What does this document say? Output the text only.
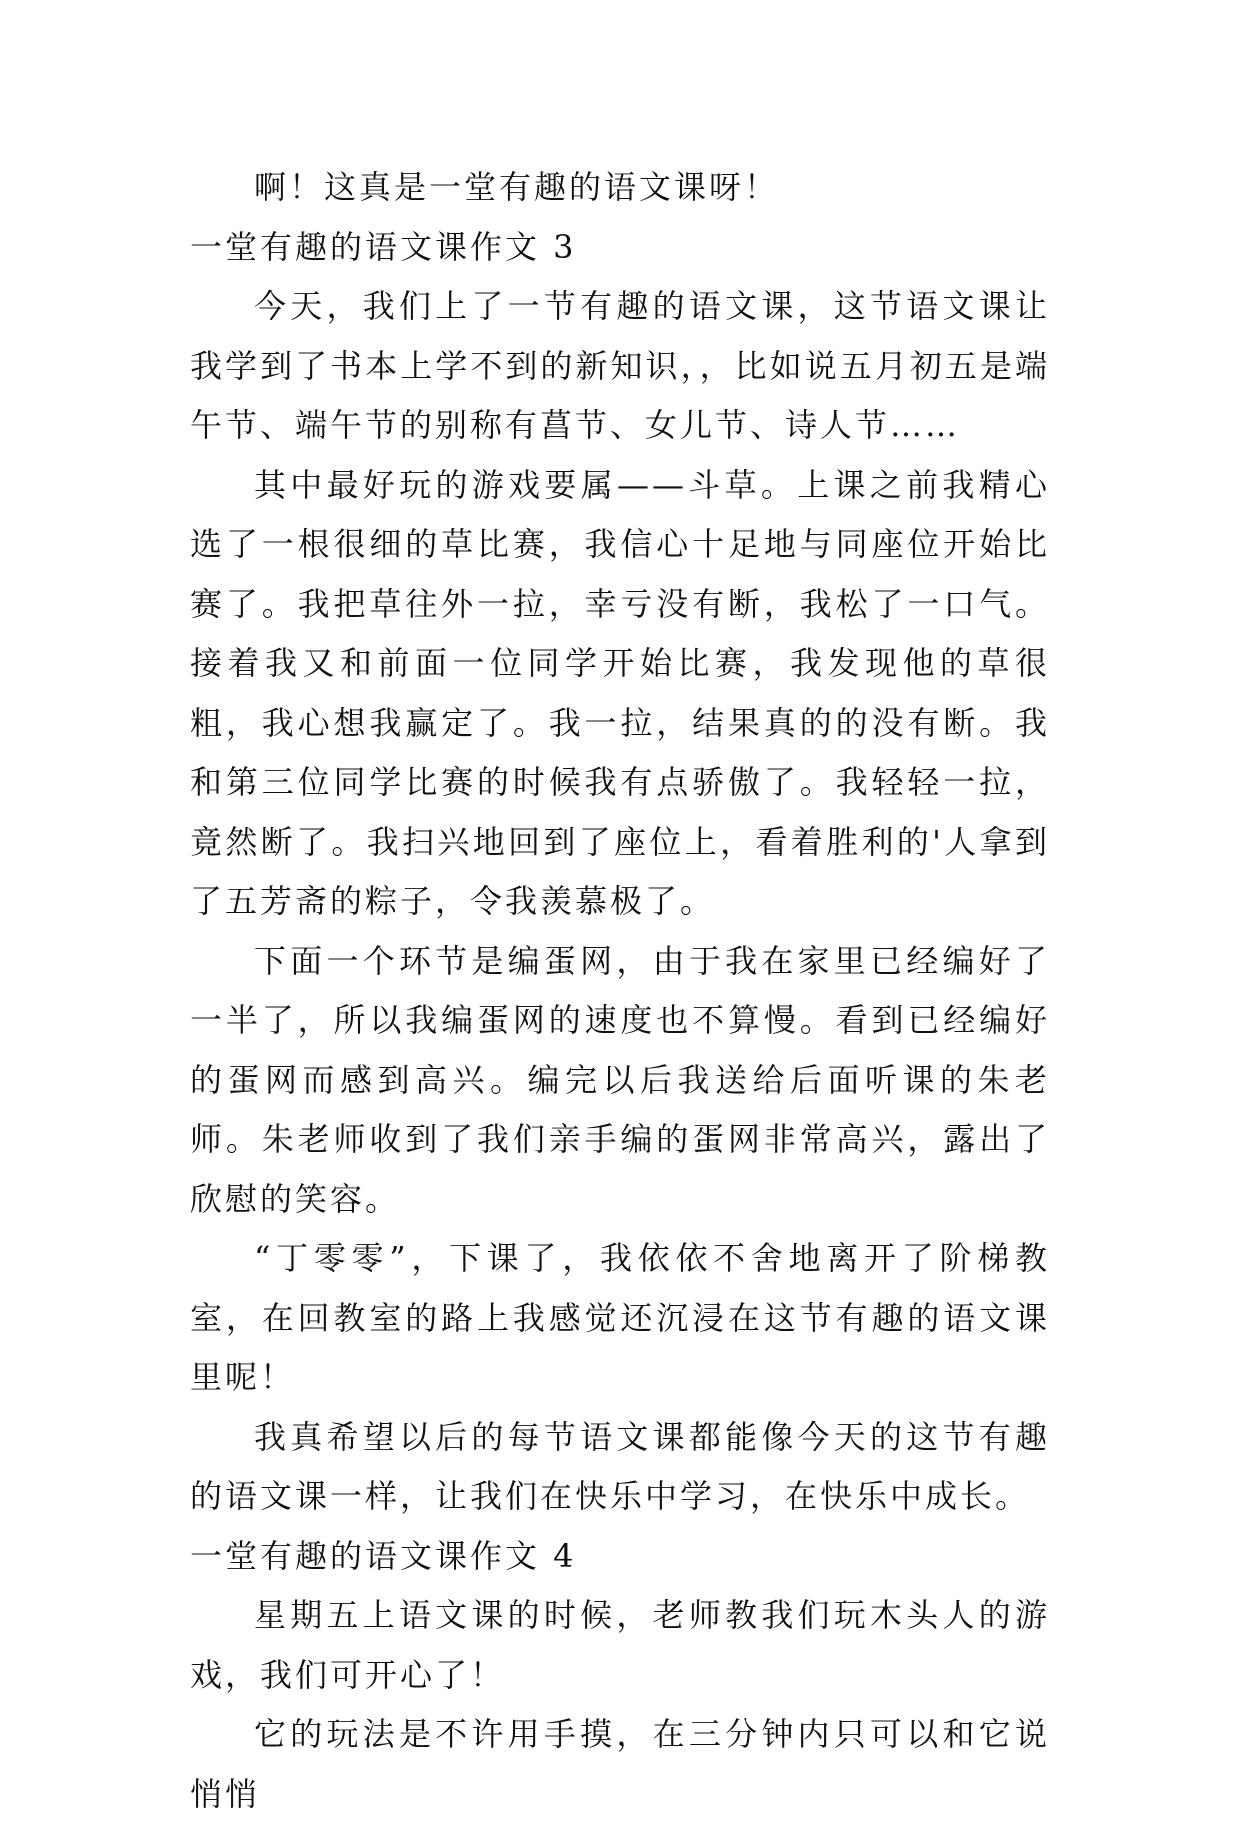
啊！这真是一堂有趣的语文课呀！

一堂有趣的语文课作文 3

今天，我们上了一节有趣的语文课，这节语文课让我学到了书本上学不到的新知识，，比如说五月初五是端午节、端午节的别称有菖节、女儿节、诗人节……

其中最好玩的游戏要属——斗草。上课之前我精心选了一根很细的草比赛，我信心十足地与同座位开始比赛了。我把草往外一拉，幸亏没有断，我松了一口气。接着我又和前面一位同学开始比赛，我发现他的草很粗，我心想我赢定了。我一拉，结果真的的没有断。我和第三位同学比赛的时候我有点骄傲了。我轻轻一拉，竟然断了。我扫兴地回到了座位上，看着胜利的'人拿到了五芳斋的粽子，令我羡慕极了。

下面一个环节是编蛋网，由于我在家里已经编好了一半了，所以我编蛋网的速度也不算慢。看到已经编好的蛋网而感到高兴。编完以后我送给后面听课的朱老师。朱老师收到了我们亲手编的蛋网非常高兴，露出了欣慰的笑容。

“丁零零”，下课了，我依依不舍地离开了阶梯教室，在回教室的路上我感觉还沉浸在这节有趣的语文课里呢！

我真希望以后的每节语文课都能像今天的这节有趣的语文课一样，让我们在快乐中学习，在快乐中成长。

一堂有趣的语文课作文 4

星期五上语文课的时候，老师教我们玩木头人的游戏，我们可开心了！

它的玩法是不许用手摸，在三分钟内只可以和它说悄悄
